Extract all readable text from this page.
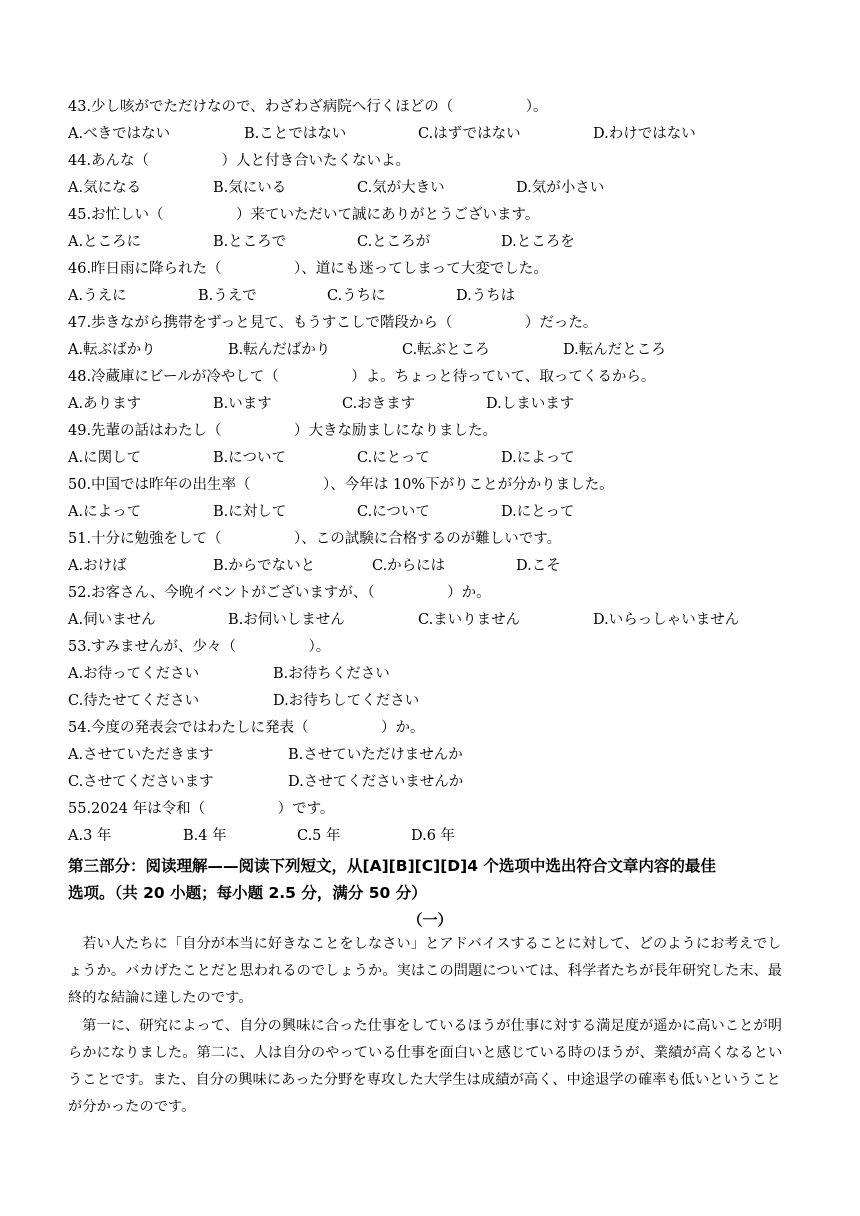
43.少し咳がでただけなので、わざわざ病院へ行くほどの（　　　　　）。
A.べきではない	B.ことではない	C.はずではない	D.わけではない
44.あんな（　　　　　）人と付き合いたくないよ。
A.気になる	B.気にいる	C.気が大きい	D.気が小さい
45.お忙しい（　　　　　）来ていただいて誠にありがとうございます。
A.ところに	B.ところで	C.ところが	D.ところを
46.昨日雨に降られた（　　　　　）、道にも迷ってしまって大変でした。
A.うえに	B.うえで	C.うちに	D.うちは
47.歩きながら携帯をずっと見て、もうすこしで階段から（　　　　　）だった。
A.転ぶばかり	B.転んだばかり	C.転ぶところ	D.転んだところ
48.冷蔵庫にビールが冷やして（　　　　　）よ。ちょっと待っていて、取ってくるから。
A.あります	B.います	C.おきます	D.しまいます
49.先輩の話はわたし（　　　　　）大きな励ましになりました。
A.に関して	B.について	C.にとって	D.によって
50.中国では昨年の出生率（　　　　　）、今年は 10%下がりことが分かりました。
A.によって	B.に対して	C.について	D.にとって
51.十分に勉強をして（　　　　　）、この試験に合格するのが難しいです。
A.おけば	B.からでないと	C.からには	D.こそ
52.お客さん、今晩イベントがございますが、（　　　　　）か。
A.伺いません	B.お伺いしません	C.まいりません	D.いらっしゃいません
53.すみませんが、少々（　　　　　）。
A.お待ってください	B.お待ちください
C.待たせてください	D.お待ちしてください
54.今度の発表会ではわたしに発表（　　　　　）か。
A.させていただきます	B.させていただけませんか
C.させてくださいます	D.させてくださいませんか
55.2024 年は令和（　　　　　）です。
A.3 年	B.4 年	C.5 年	D.6 年
第三部分：阅读理解——阅读下列短文，从[A][B][C][D]4 个选项中选出符合文章内容的最佳
选项。（共 20 小题；每小题 2.5 分，满分 50 分）
（一）
若い人たちに「自分が本当に好きなことをしなさい」とアドバイスすることに対して、どのようにお考えでしょうか。バカげたことだと思われるのでしょうか。実はこの問題については、科学者たちが長年研究した末、最終的な結論に達したのです。
第一に、研究によって、自分の興味に合った仕事をしているほうが仕事に対する満足度が遥かに高いことが明らかになりました。第二に、人は自分のやっている仕事を面白いと感じている時のほうが、業績が高くなるということです。また、自分の興味にあった分野を専攻した大学生は成績が高く、中途退学の確率も低いということが分かったのです。
